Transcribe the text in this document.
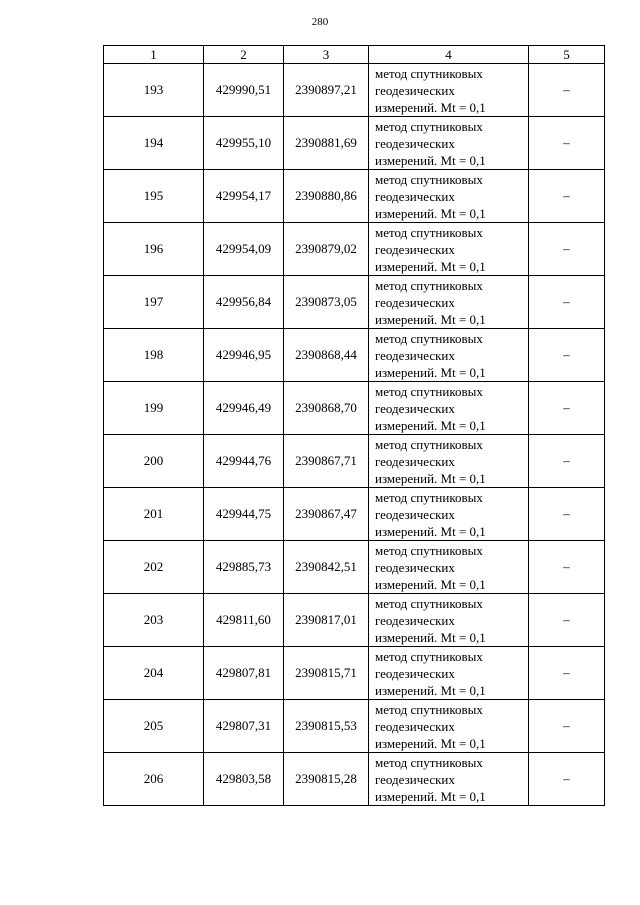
280
1	2	3	4	5
193	429990,51	2390897,21	метод спутниковых
геодезических
измерений. Mt = 0,1	–
194	429955,10	2390881,69	метод спутниковых
геодезических
измерений. Mt = 0,1	–
195	429954,17	2390880,86	метод спутниковых
геодезических
измерений. Mt = 0,1	–
196	429954,09	2390879,02	метод спутниковых
геодезических
измерений. Mt = 0,1	–
197	429956,84	2390873,05	метод спутниковых
геодезических
измерений. Mt = 0,1	–
198	429946,95	2390868,44	метод спутниковых
геодезических
измерений. Mt = 0,1	–
199	429946,49	2390868,70	метод спутниковых
геодезических
измерений. Mt = 0,1	–
200	429944,76	2390867,71	метод спутниковых
геодезических
измерений. Mt = 0,1	–
201	429944,75	2390867,47	метод спутниковых
геодезических
измерений. Mt = 0,1	–
202	429885,73	2390842,51	метод спутниковых
геодезических
измерений. Mt = 0,1	–
203	429811,60	2390817,01	метод спутниковых
геодезических
измерений. Mt = 0,1	–
204	429807,81	2390815,71	метод спутниковых
геодезических
измерений. Mt = 0,1	–
205	429807,31	2390815,53	метод спутниковых
геодезических
измерений. Mt = 0,1	–
206	429803,58	2390815,28	метод спутниковых
геодезических
измерений. Mt = 0,1	–
